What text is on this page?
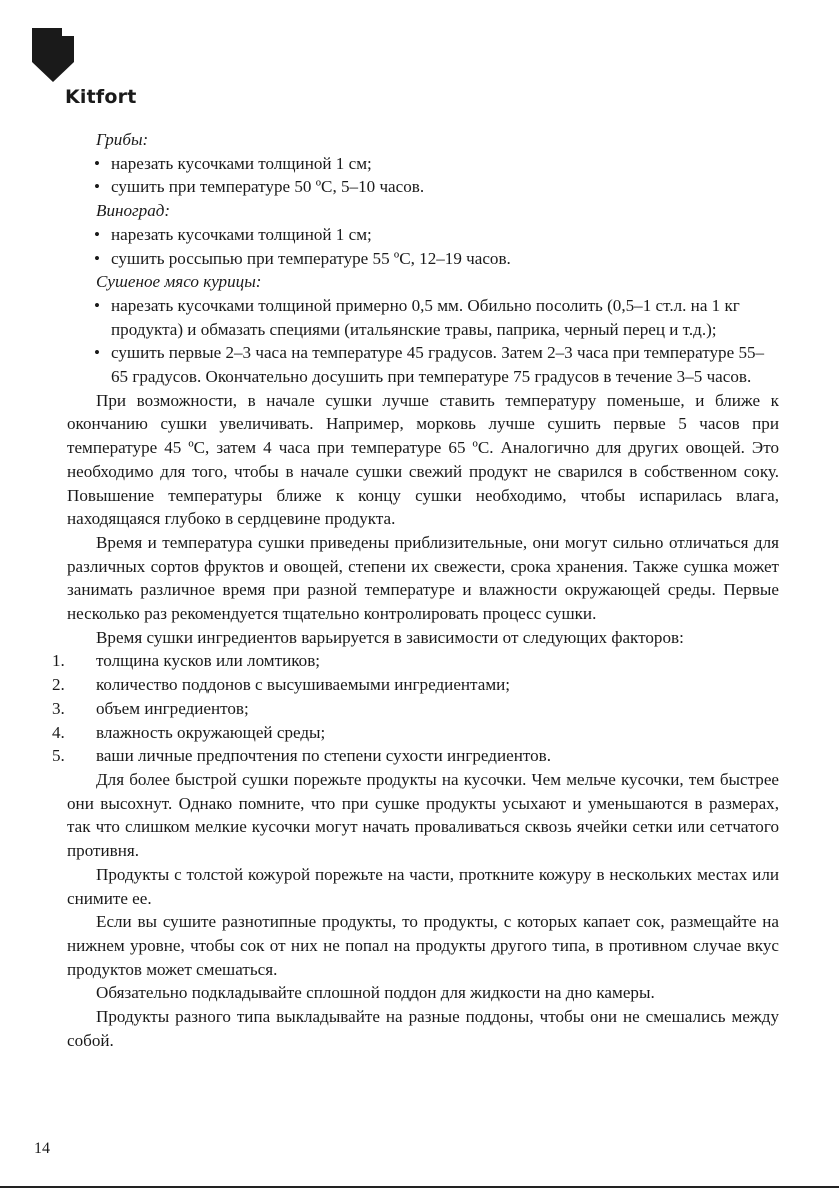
Kitfort

Грибы:

• нарезать кусочками толщиной 1 см;

• сушить при температуре 50 ºС, 5–10 часов.

Виноград:

• нарезать кусочками толщиной 1 см;

• сушить россыпью при температуре 55 ºС, 12–19 часов.

Сушеное мясо курицы:

• нарезать кусочками толщиной примерно 0,5 мм. Обильно посолить (0,5–1 ст.л. на 1 кг продукта) и обмазать специями (итальянские травы, паприка, черный перец и т.д.);

• сушить первые 2–3 часа на температуре 45 градусов. Затем 2–3 часа при температуре 55–65 градусов. Окончательно досушить при температуре 75 градусов в течение 3–5 часов.

При возможности, в начале сушки лучше ставить температуру поменьше, и ближе к окончанию сушки увеличивать. Например, морковь лучше сушить первые 5 часов при температуре 45 ºС, затем 4 часа при температуре 65 ºС. Аналогично для других овощей. Это необходимо для того, чтобы в начале сушки свежий продукт не сварился в собственном соку. Повышение температуры ближе к концу сушки необходимо, чтобы испарилась влага, находящаяся глубоко в сердцевине продукта.

Время и температура сушки приведены приблизительные, они могут сильно отличаться для различных сортов фруктов и овощей, степени их свежести, срока хранения. Также сушка может занимать различное время при разной температуре и влажности окружающей среды. Первые несколько раз рекомендуется тщательно контролировать процесс сушки.

Время сушки ингредиентов варьируется в зависимости от следующих факторов:

1. толщина кусков или ломтиков;

2. количество поддонов с высушиваемыми ингредиентами;

3. объем ингредиентов;

4. влажность окружающей среды;

5. ваши личные предпочтения по степени сухости ингредиентов.

Для более быстрой сушки порежьте продукты на кусочки. Чем мельче кусочки, тем быстрее они высохнут. Однако помните, что при сушке продукты усыхают и уменьшаются в размерах, так что слишком мелкие кусочки могут начать проваливаться сквозь ячейки сетки или сетчатого противня.

Продукты с толстой кожурой порежьте на части, проткните кожуру в нескольких местах или снимите ее.

Если вы сушите разнотипные продукты, то продукты, с которых капает сок, размещайте на нижнем уровне, чтобы сок от них не попал на продукты другого типа, в противном случае вкус продуктов может смешаться.

Обязательно подкладывайте сплошной поддон для жидкости на дно камеры.

Продукты разного типа выкладывайте на разные поддоны, чтобы они не смешались между собой.

14
